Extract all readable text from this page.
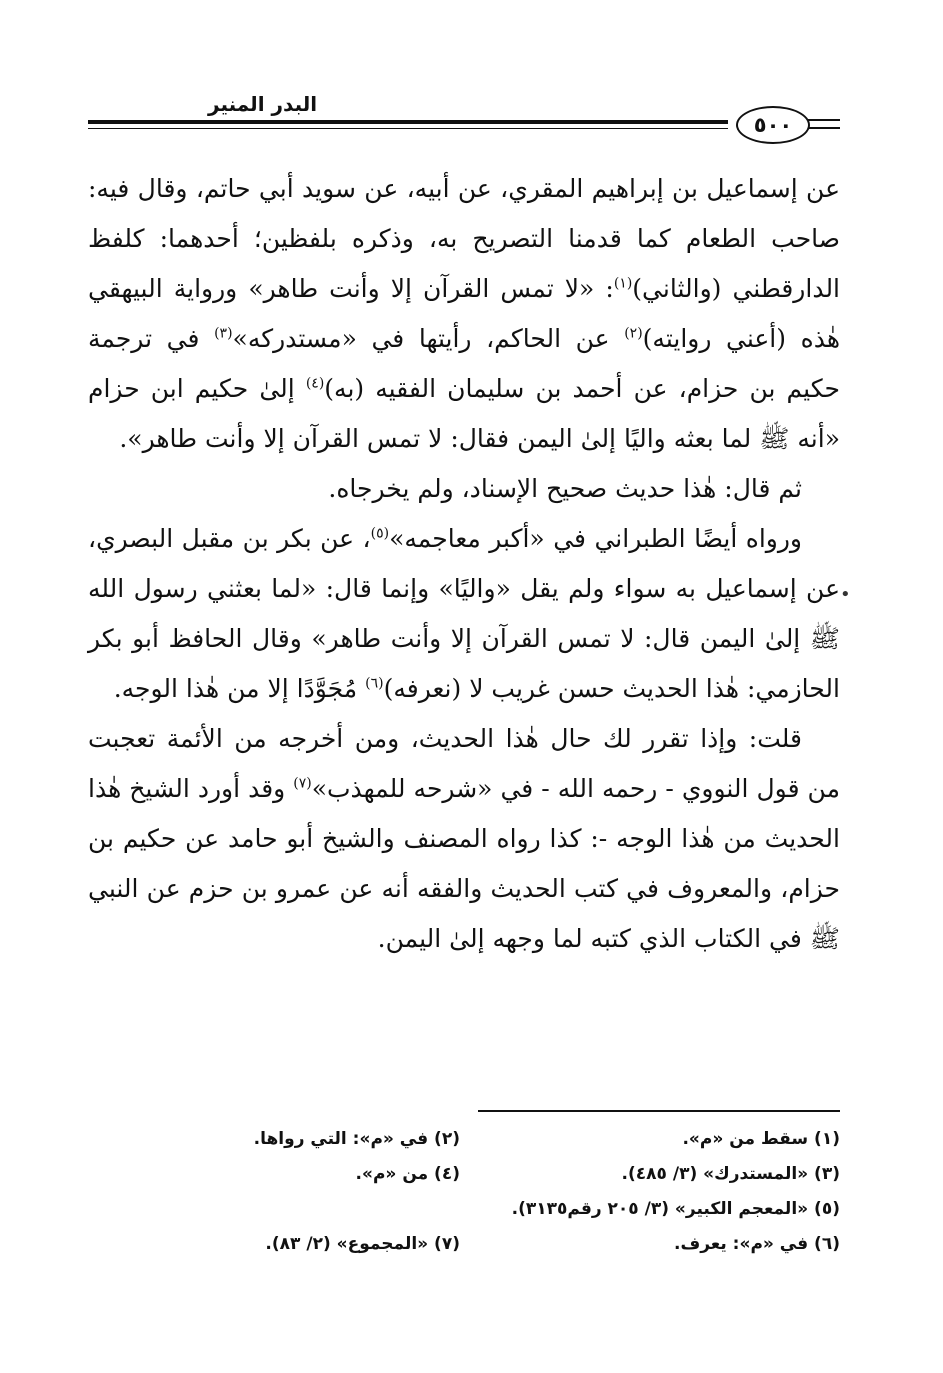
البدر المنير
٥٠٠

عن إسماعيل بن إبراهيم المقري، عن أبيه، عن سويد أبي حاتم، وقال فيه: صاحب الطعام كما قدمنا التصريح به، وذكره بلفظين؛ أحدهما: كلفظ الدارقطني (والثاني)$^{(١)}$: «لا تمس القرآن إلا وأنت طاهر» ورواية البيهقي هٰذه (أعني روايته)$^{(٢)}$ عن الحاكم، رأيتها في «مستدركه»$^{(٣)}$ في ترجمة حكيم بن حزام، عن أحمد بن سليمان الفقيه (به)$^{(٤)}$ إلىٰ حكيم ابن حزام «أنه ﷺ لما بعثه واليًا إلىٰ اليمن فقال: لا تمس القرآن إلا وأنت طاهر».

ثم قال: هٰذا حديث صحيح الإسناد، ولم يخرجاه.

ورواه أيضًا الطبراني في «أكبر معاجمه»$^{(٥)}$، عن بكر بن مقبل البصري، عن إسماعيل به سواء ولم يقل «واليًا» وإنما قال: «لما بعثني رسول الله ﷺ إلىٰ اليمن قال: لا تمس القرآن إلا وأنت طاهر» وقال الحافظ أبو بكر الحازمي: هٰذا الحديث حسن غريب لا (نعرفه)$^{(٦)}$ مُجَوَّدًا إلا من هٰذا الوجه.

قلت: وإذا تقرر لك حال هٰذا الحديث، ومن أخرجه من الأئمة تعجبت من قول النووي - رحمه الله - في «شرحه للمهذب»$^{(٧)}$ وقد أورد الشيخ هٰذا الحديث من هٰذا الوجه -: كذا رواه المصنف والشيخ أبو حامد عن حكيم بن حزام، والمعروف في كتب الحديث والفقه أنه عن عمرو بن حزم عن النبي ﷺ في الكتاب الذي كتبه لما وجهه إلىٰ اليمن.

•
(١) سقط من «م».
(٢) في «م»: التي رواها.
(٣) «المستدرك» (٣/ ٤٨٥).
(٤) من «م».
(٥) «المعجم الكبير» (٣/ ٢٠٥ رقم٣١٣٥).
(٦) في «م»: يعرف.
(٧) «المجموع» (٢/ ٨٣).
